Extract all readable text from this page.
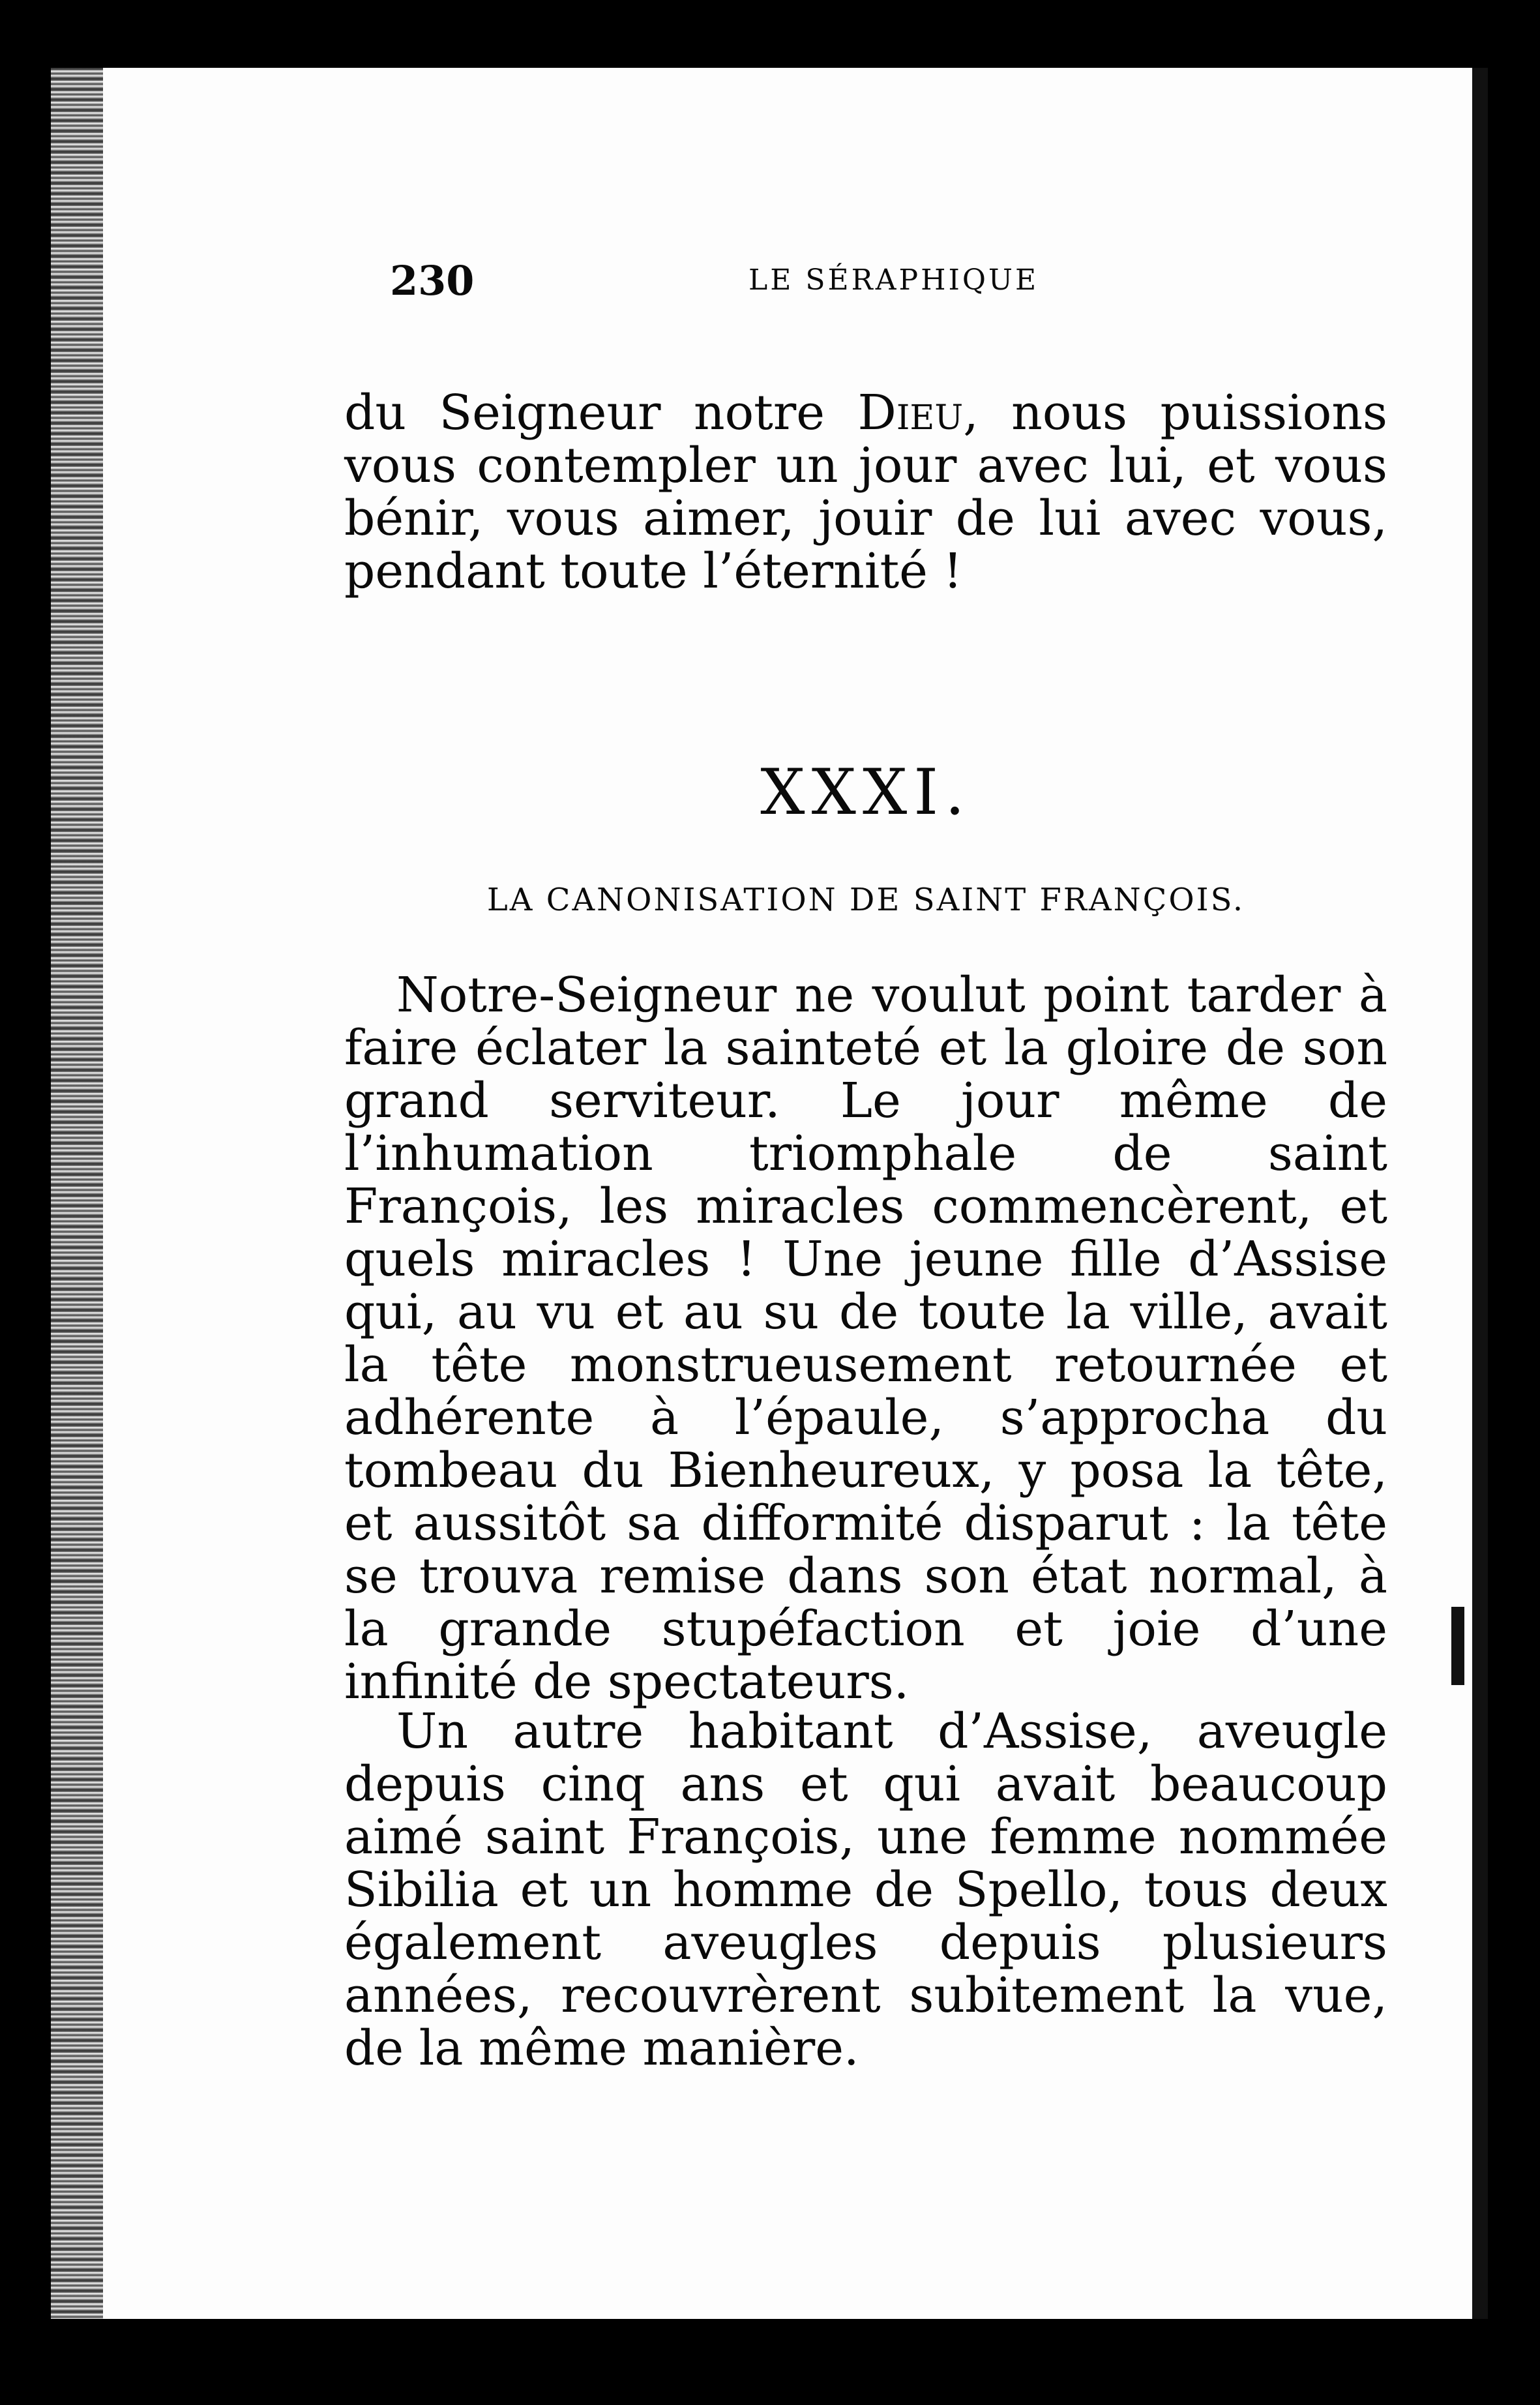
230	LE SÉRAPHIQUE

du Seigneur notre Dieu, nous puissions vous contempler un jour avec lui, et vous bénir, vous aimer, jouir de lui avec vous, pendant toute l’éternité !

XXXI.
LA CANONISATION DE SAINT FRANÇOIS.

Notre-Seigneur ne voulut point tarder à faire éclater la sainteté et la gloire de son grand serviteur. Le jour même de l’inhumation triomphale de saint François, les miracles commencèrent, et quels miracles ! Une jeune fille d’Assise qui, au vu et au su de toute la ville, avait la tête monstrueusement retournée et adhérente à l’épaule, s’approcha du tombeau du Bienheureux, y posa la tête, et aussitôt sa difformité disparut : la tête se trouva remise dans son état normal, à la grande stupéfaction et joie d’une infinité de spectateurs.

Un autre habitant d’Assise, aveugle depuis cinq ans et qui avait beaucoup aimé saint François, une femme nommée Sibilia et un homme de Spello, tous deux également aveugles depuis plusieurs années, recouvrèrent subitement la vue, de la même manière.
